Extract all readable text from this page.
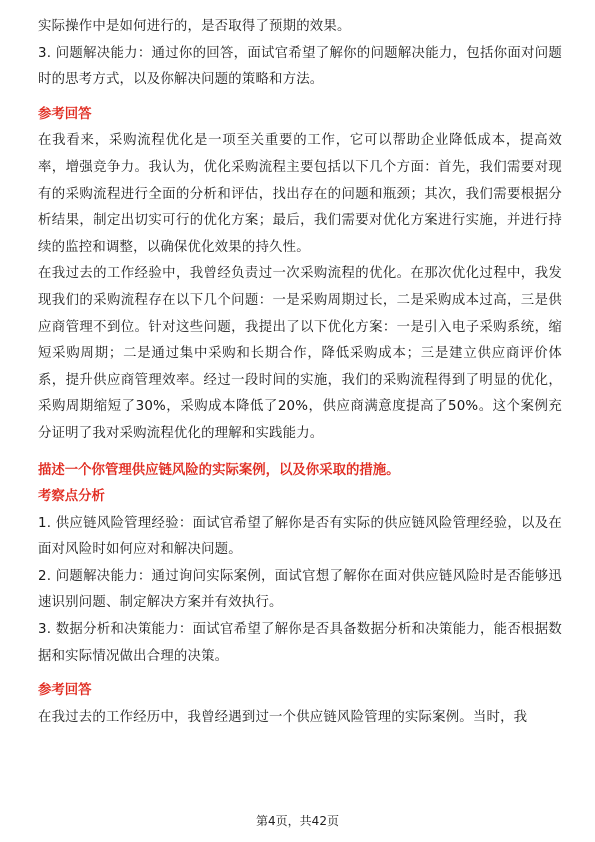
实际操作中是如何进行的，是否取得了预期的效果。

3. 问题解决能力：通过你的回答，面试官希望了解你的问题解决能力，包括你面对问题时的思考方式，以及你解决问题的策略和方法。

参考回答

在我看来，采购流程优化是一项至关重要的工作，它可以帮助企业降低成本，提高效率，增强竞争力。我认为，优化采购流程主要包括以下几个方面：首先，我们需要对现有的采购流程进行全面的分析和评估，找出存在的问题和瓶颈；其次，我们需要根据分析结果，制定出切实可行的优化方案；最后，我们需要对优化方案进行实施，并进行持续的监控和调整，以确保优化效果的持久性。

在我过去的工作经验中，我曾经负责过一次采购流程的优化。在那次优化过程中，我发现我们的采购流程存在以下几个问题：一是采购周期过长，二是采购成本过高，三是供应商管理不到位。针对这些问题，我提出了以下优化方案：一是引入电子采购系统，缩短采购周期；二是通过集中采购和长期合作，降低采购成本；三是建立供应商评价体系，提升供应商管理效率。经过一段时间的实施，我们的采购流程得到了明显的优化，采购周期缩短了30%，采购成本降低了20%，供应商满意度提高了50%。这个案例充分证明了我对采购流程优化的理解和实践能力。

描述一个你管理供应链风险的实际案例，以及你采取的措施。

考察点分析

1. 供应链风险管理经验：面试官希望了解你是否有实际的供应链风险管理经验，以及在面对风险时如何应对和解决问题。

2. 问题解决能力：通过询问实际案例，面试官想了解你在面对供应链风险时是否能够迅速识别问题、制定解决方案并有效执行。

3. 数据分析和决策能力：面试官希望了解你是否具备数据分析和决策能力，能否根据数据和实际情况做出合理的决策。

参考回答

在我过去的工作经历中，我曾经遇到过一个供应链风险管理的实际案例。当时，我

第4页，共42页
